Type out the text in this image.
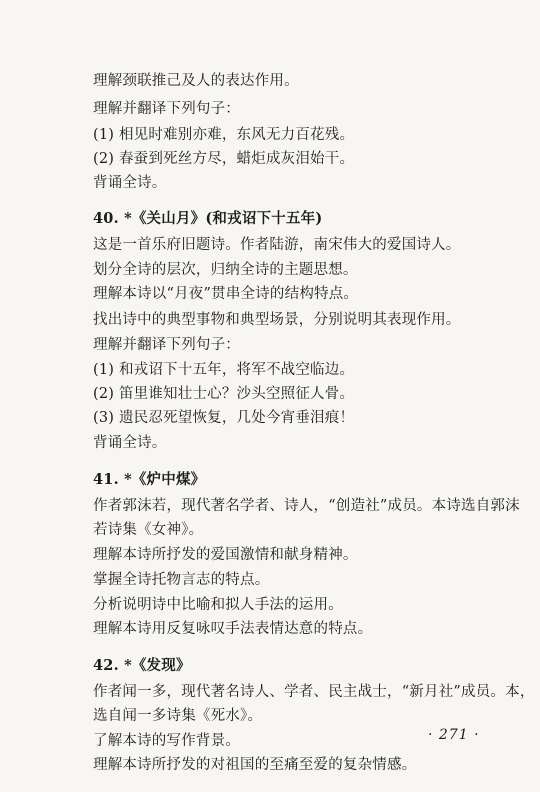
理解颈联推己及人的表达作用。
理解并翻译下列句子：
(1) 相见时难别亦难，东风无力百花残。
(2) 春蚕到死丝方尽，蜡炬成灰泪始干。
背诵全诗。
40. *《关山月》(和戎诏下十五年)
这是一首乐府旧题诗。作者陆游，南宋伟大的爱国诗人。
划分全诗的层次，归纳全诗的主题思想。
理解本诗以“月夜”贯串全诗的结构特点。
找出诗中的典型事物和典型场景，分别说明其表现作用。
理解并翻译下列句子：
(1) 和戎诏下十五年，将军不战空临边。
(2) 笛里谁知壮士心？沙头空照征人骨。
(3) 遗民忍死望恢复，几处今宵垂泪痕！
背诵全诗。
41. *《炉中煤》
作者郭沫若，现代著名学者、诗人，“创造社”成员。本诗选自郭沫
若诗集《女神》。
理解本诗所抒发的爱国激情和献身精神。
掌握全诗托物言志的特点。
分析说明诗中比喻和拟人手法的运用。
理解本诗用反复咏叹手法表情达意的特点。
42. *《发现》
作者闻一多，现代著名诗人、学者、民主战士，“新月社”成员。本，
选自闻一多诗集《死水》。
了解本诗的写作背景。
理解本诗所抒发的对祖国的至痛至爱的复杂情感。
· 271 ·
